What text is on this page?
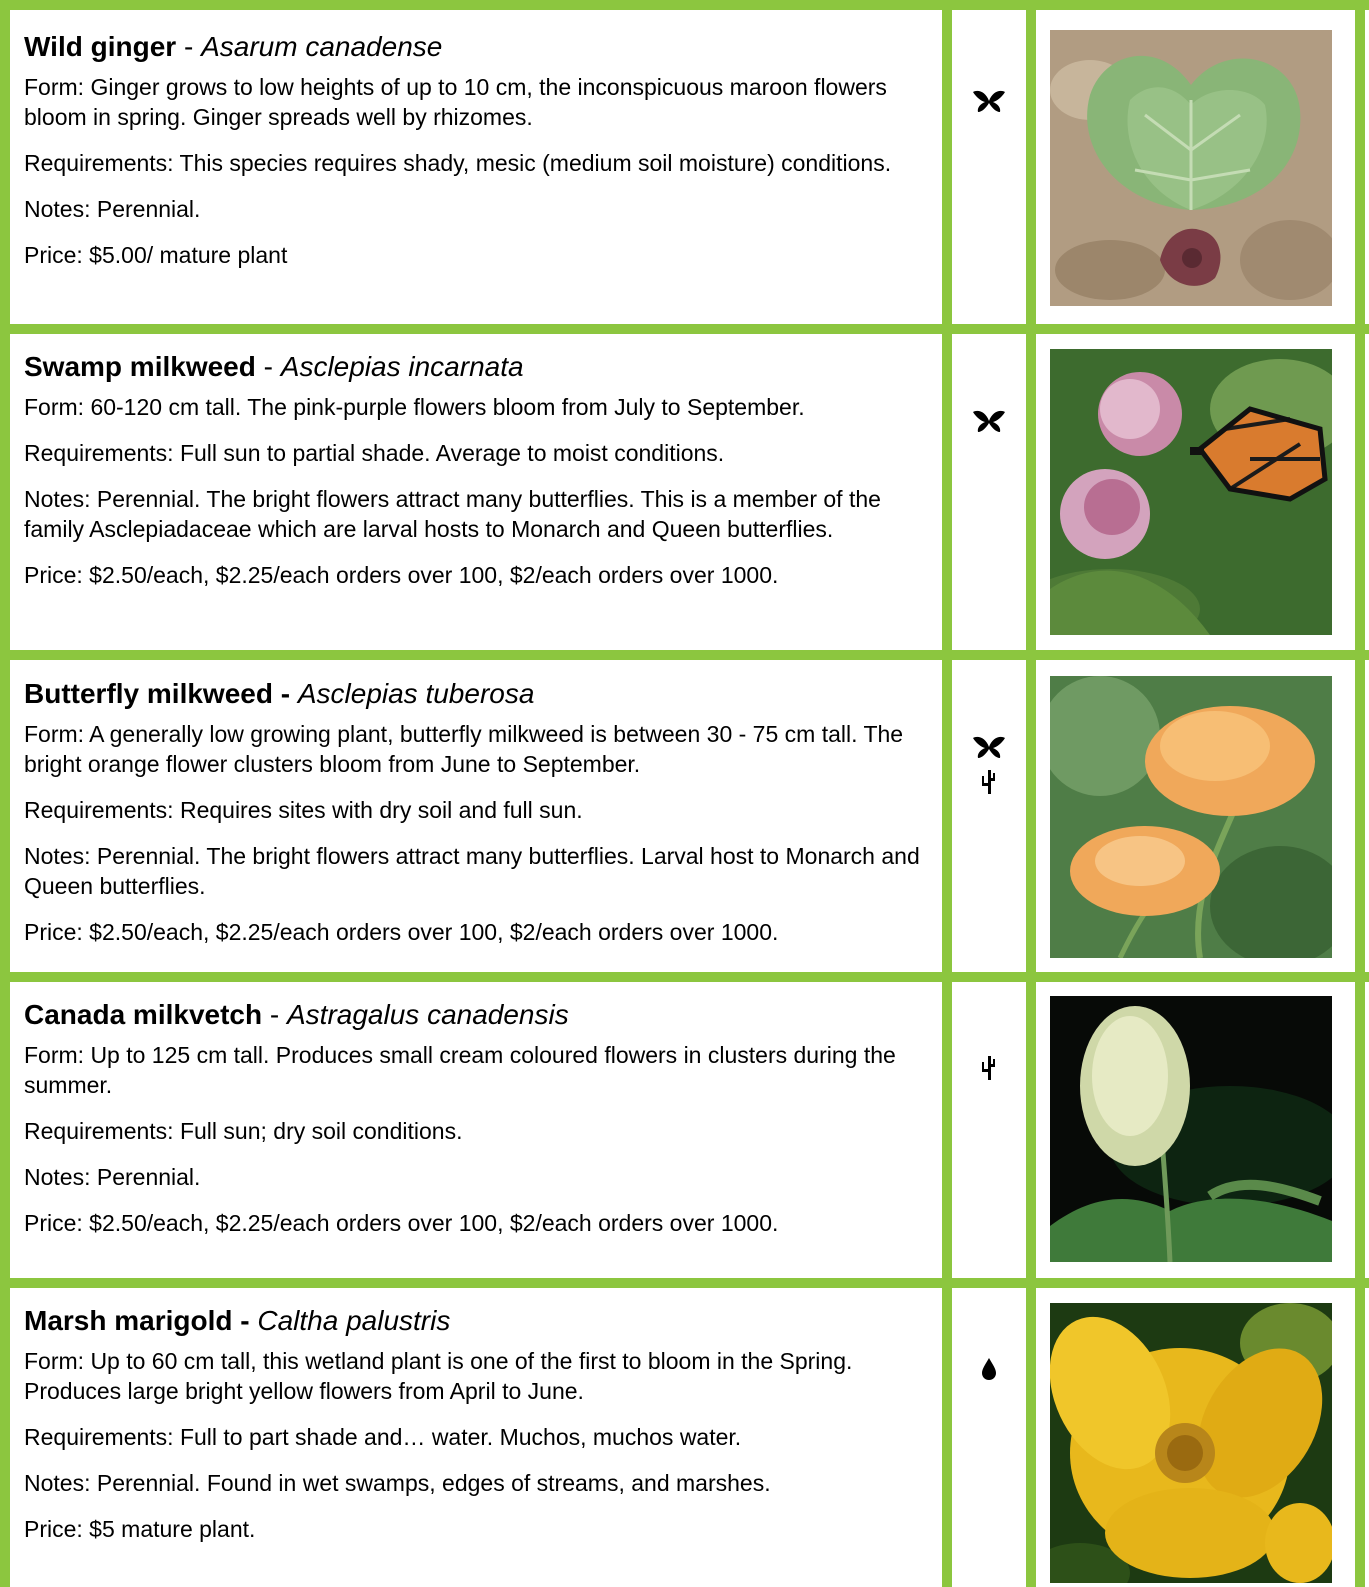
Wild ginger - Asarum canadense

Form: Ginger grows to low heights of up to 10 cm, the inconspicuous maroon flowers bloom in spring. Ginger spreads well by rhizomes.

Requirements: This species requires shady, mesic (medium soil moisture) conditions.

Notes: Perennial.

Price: $5.00/ mature plant

Swamp milkweed - Asclepias incarnata

Form: 60-120 cm tall. The pink-purple flowers bloom from July to September.

Requirements: Full sun to partial shade. Average to moist conditions.

Notes: Perennial. The bright flowers attract many butterflies. This is a member of the family Asclepiadaceae which are larval hosts to Monarch and Queen butterflies.

Price: $2.50/each, $2.25/each orders over 100, $2/each orders over 1000.

Butterfly milkweed - Asclepias tuberosa

Form: A generally low growing plant, butterfly milkweed is between 30 - 75 cm tall. The bright orange flower clusters bloom from June to September.

Requirements: Requires sites with dry soil and full sun.

Notes: Perennial. The bright flowers attract many butterflies. Larval host to Monarch and Queen butterflies.

Price: $2.50/each, $2.25/each orders over 100, $2/each orders over 1000.

Canada milkvetch - Astragalus canadensis

Form: Up to 125 cm tall. Produces small cream coloured flowers in clusters during the summer.

Requirements: Full sun; dry soil conditions.

Notes: Perennial.

Price: $2.50/each, $2.25/each orders over 100, $2/each orders over 1000.

Marsh marigold - Caltha palustris

Form: Up to 60 cm tall, this wetland plant is one of the first to bloom in the Spring. Produces large bright yellow flowers from April to June.

Requirements: Full to part shade and… water. Muchos, muchos water.

Notes: Perennial. Found in wet swamps, edges of streams, and marshes.

Price: $5 mature plant.
